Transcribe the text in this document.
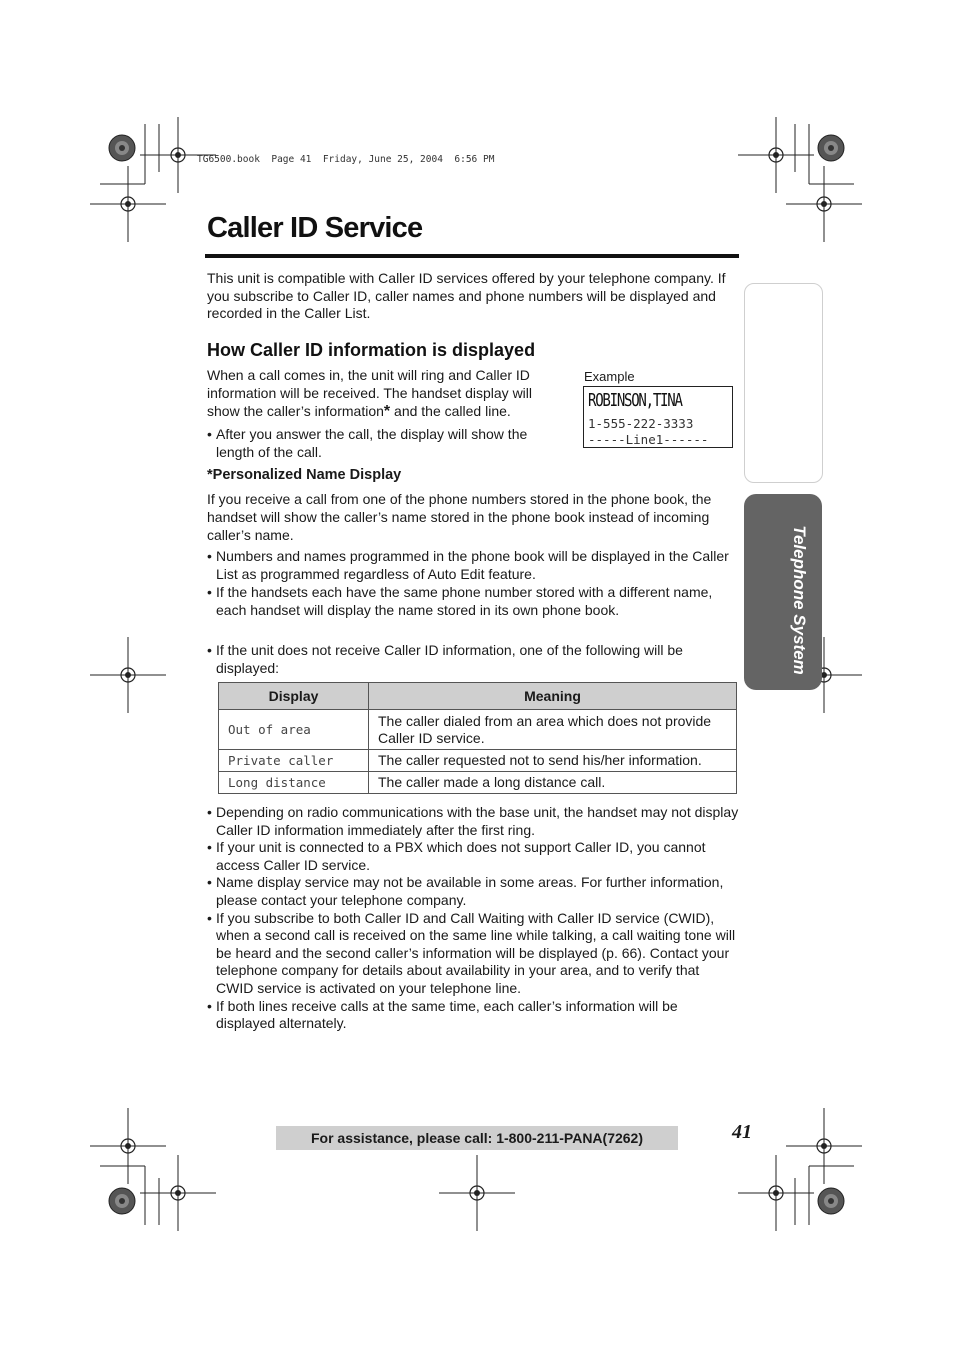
TG6500.book  Page 41  Friday, June 25, 2004  6:56 PM
Caller ID Service
This unit is compatible with Caller ID services offered by your telephone company. If you subscribe to Caller ID, caller names and phone numbers will be displayed and recorded in the Caller List.
How Caller ID information is displayed
When a call comes in, the unit will ring and Caller ID information will be received. The handset display will show the caller’s information* and the called line.
• After you answer the call, the display will show the length of the call.
Example
ROBINSON,TINA
1-555-222-3333
-----Line1------
*Personalized Name Display
If you receive a call from one of the phone numbers stored in the phone book, the handset will show the caller’s name stored in the phone book instead of incoming caller’s name.
• Numbers and names programmed in the phone book will be displayed in the Caller List as programmed regardless of Auto Edit feature.
• If the handsets each have the same phone number stored with a different name, each handset will display the name stored in its own phone book.
• If the unit does not receive Caller ID information, one of the following will be displayed:
Display	Meaning
Out of area	The caller dialed from an area which does not provide Caller ID service.
Private caller	The caller requested not to send his/her information.
Long distance	The caller made a long distance call.
• Depending on radio communications with the base unit, the handset may not display Caller ID information immediately after the first ring.
• If your unit is connected to a PBX which does not support Caller ID, you cannot access Caller ID service.
• Name display service may not be available in some areas. For further information, please contact your telephone company.
• If you subscribe to both Caller ID and Call Waiting with Caller ID service (CWID), when a second call is received on the same line while talking, a call waiting tone will be heard and the second caller’s information will be displayed (p. 66). Contact your telephone company for details about availability in your area, and to verify that CWID service is activated on your telephone line.
• If both lines receive calls at the same time, each caller’s information will be displayed alternately.
Telephone System
For assistance, please call: 1-800-211-PANA(7262)	41
